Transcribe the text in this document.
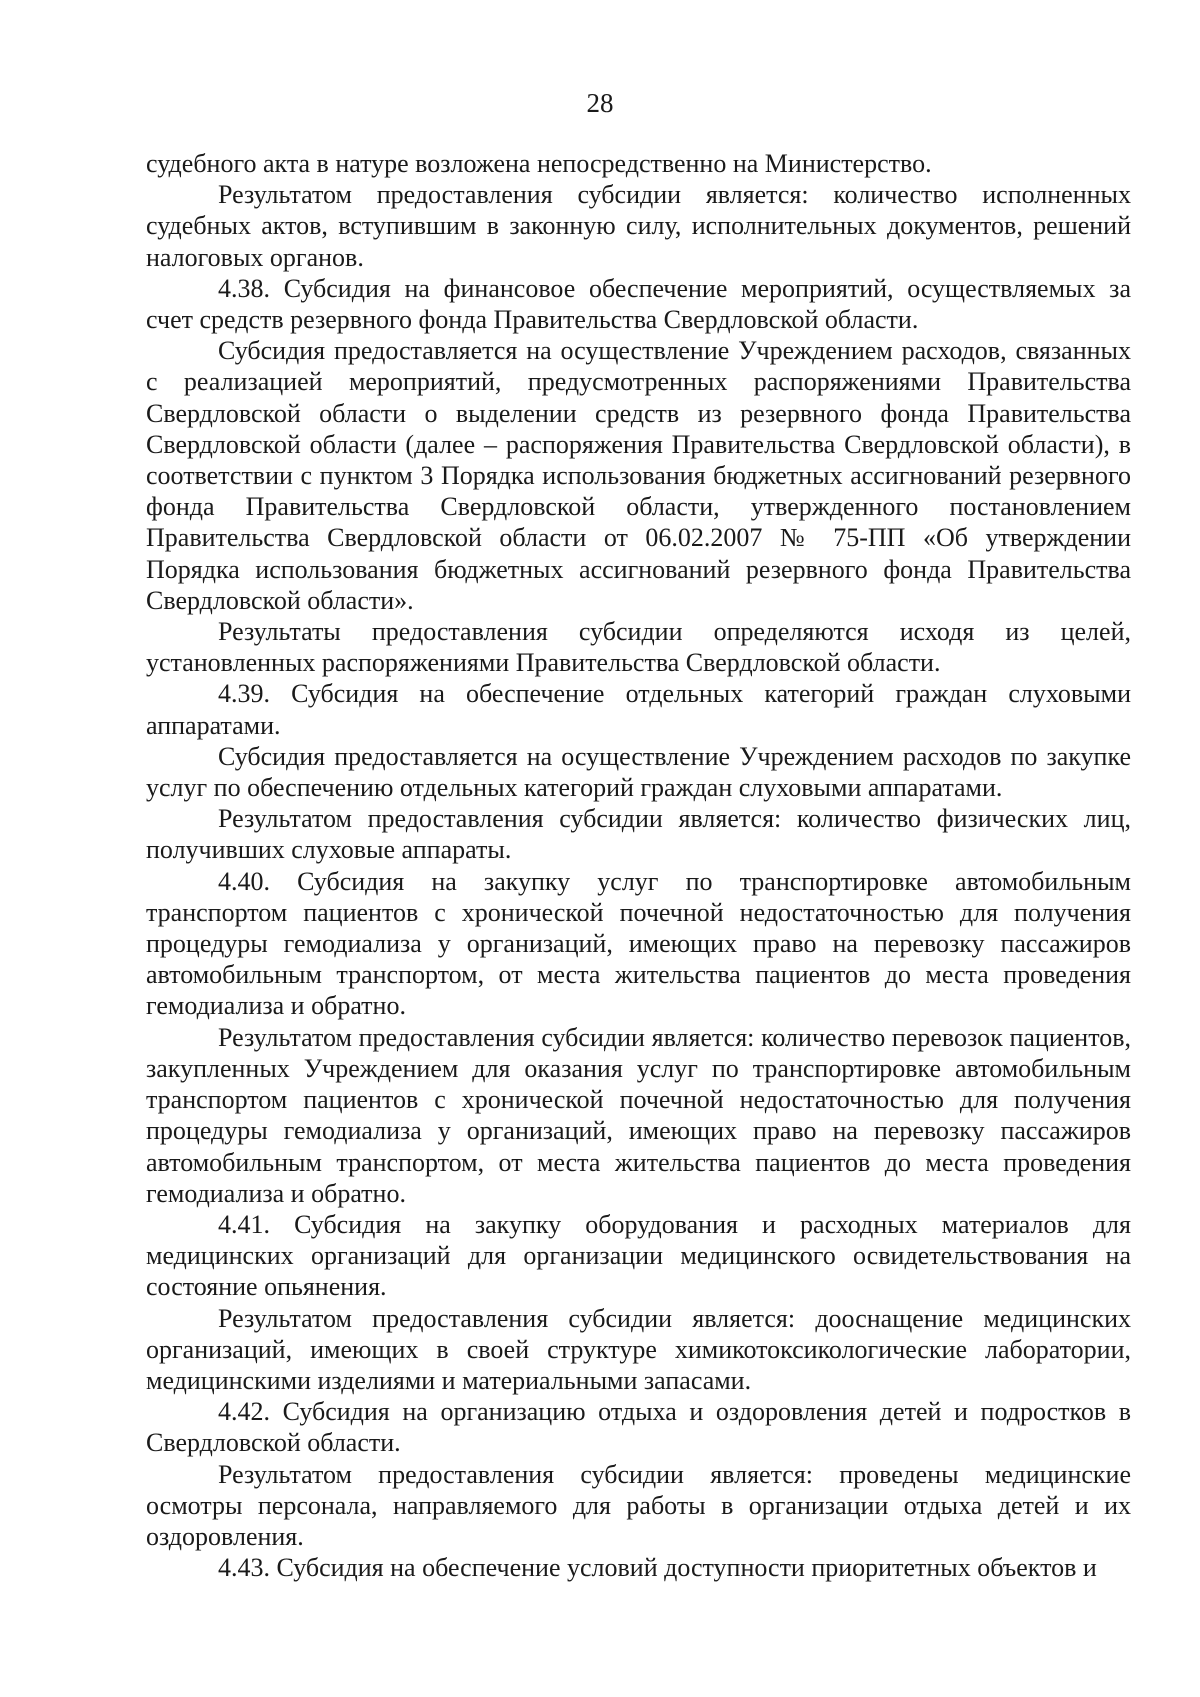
28

судебного акта в натуре возложена непосредственно на Министерство.

Результатом предоставления субсидии является: количество исполненных судебных актов, вступившим в законную силу, исполнительных документов, решений налоговых органов.

4.38. Субсидия на финансовое обеспечение мероприятий, осуществляемых за счет средств резервного фонда Правительства Свердловской области.

Субсидия предоставляется на осуществление Учреждением расходов, связанных с реализацией мероприятий, предусмотренных распоряжениями Правительства Свердловской области о выделении средств из резервного фонда Правительства Свердловской области (далее – распоряжения Правительства Свердловской области), в соответствии с пунктом 3 Порядка использования бюджетных ассигнований резервного фонда Правительства Свердловской области, утвержденного постановлением Правительства Свердловской области от 06.02.2007 № 75-ПП «Об утверждении Порядка использования бюджетных ассигнований резервного фонда Правительства Свердловской области».

Результаты предоставления субсидии определяются исходя из целей, установленных распоряжениями Правительства Свердловской области.

4.39. Субсидия на обеспечение отдельных категорий граждан слуховыми аппаратами.

Субсидия предоставляется на осуществление Учреждением расходов по закупке услуг по обеспечению отдельных категорий граждан слуховыми аппаратами.

Результатом предоставления субсидии является: количество физических лиц, получивших слуховые аппараты.

4.40. Субсидия на закупку услуг по транспортировке автомобильным транспортом пациентов с хронической почечной недостаточностью для получения процедуры гемодиализа у организаций, имеющих право на перевозку пассажиров автомобильным транспортом, от места жительства пациентов до места проведения гемодиализа и обратно.

Результатом предоставления субсидии является: количество перевозок пациентов, закупленных Учреждением для оказания услуг по транспортировке автомобильным транспортом пациентов с хронической почечной недостаточностью для получения процедуры гемодиализа у организаций, имеющих право на перевозку пассажиров автомобильным транспортом, от места жительства пациентов до места проведения гемодиализа и обратно.

4.41. Субсидия на закупку оборудования и расходных материалов для медицинских организаций для организации медицинского освидетельствования на состояние опьянения.

Результатом предоставления субсидии является: дооснащение медицинских организаций, имеющих в своей структуре химикотоксикологические лаборатории, медицинскими изделиями и материальными запасами.

4.42. Субсидия на организацию отдыха и оздоровления детей и подростков в Свердловской области.

Результатом предоставления субсидии является: проведены медицинские осмотры персонала, направляемого для работы в организации отдыха детей и их оздоровления.

4.43. Субсидия на обеспечение условий доступности приоритетных объектов и
